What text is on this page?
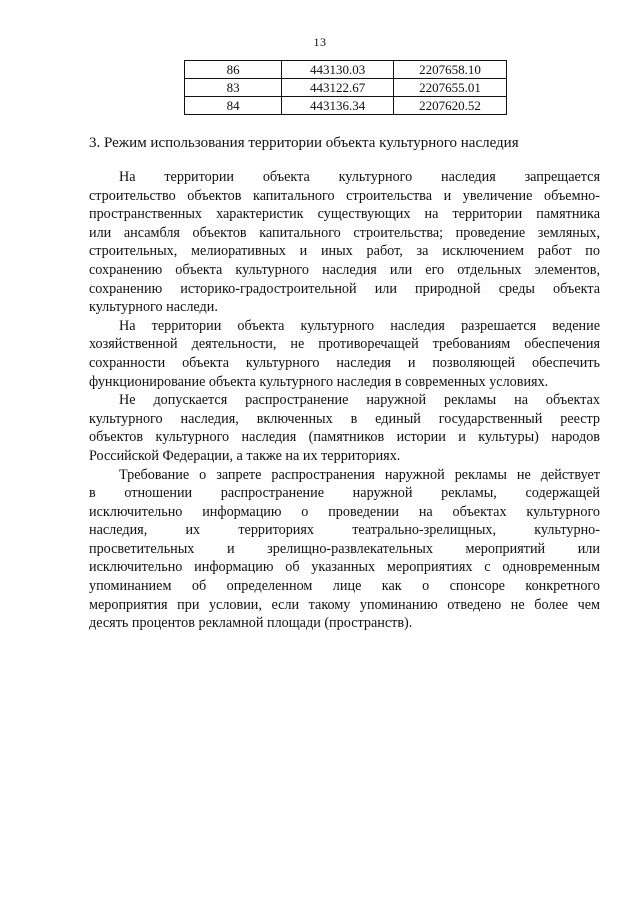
13
86	443130.03	2207658.10
83	443122.67	2207655.01
84	443136.34	2207620.52
3. Режим использования территории объекта культурного наследия

На территории объекта культурного наследия запрещается
строительство объектов капитального строительства и увеличение объемно-
пространственных характеристик существующих на территории памятника
или ансамбля объектов капитального строительства; проведение земляных,
строительных, мелиоративных и иных работ, за исключением работ по
сохранению объекта культурного наследия или его отдельных элементов,
сохранению историко-градостроительной или природной среды объекта
культурного наследи.

На территории объекта культурного наследия разрешается ведение
хозяйственной деятельности, не противоречащей требованиям обеспечения
сохранности объекта культурного наследия и позволяющей обеспечить
функционирование объекта культурного наследия в современных условиях.

Не допускается распространение наружной рекламы на объектах
культурного наследия, включенных в единый государственный реестр
объектов культурного наследия (памятников истории и культуры) народов
Российской Федерации, а также на их территориях.

Требование о запрете распространения наружной рекламы не действует
в отношении распространение наружной рекламы, содержащей
исключительно информацию о проведении на объектах культурного
наследия, их территориях театрально-зрелищных, культурно-
просветительных и зрелищно-развлекательных мероприятий или
исключительно информацию об указанных мероприятиях с одновременным
упоминанием об определенном лице как о спонсоре конкретного
мероприятия при условии, если такому упоминанию отведено не более чем
десять процентов рекламной площади (пространств).
